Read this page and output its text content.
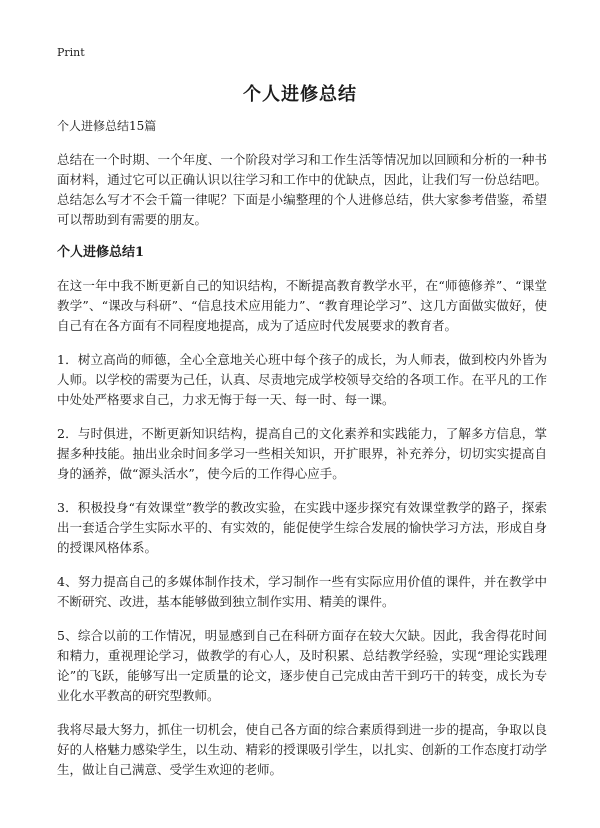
Print
个人进修总结

个人进修总结15篇

总结在一个时期、一个年度、一个阶段对学习和工作生活等情况加以回顾和分析的一种书面材料，通过它可以正确认识以往学习和工作中的优缺点，因此，让我们写一份总结吧。总结怎么写才不会千篇一律呢？下面是小编整理的个人进修总结，供大家参考借鉴，希望可以帮助到有需要的朋友。

个人进修总结1

在这一年中我不断更新自己的知识结构，不断提高教育教学水平，在“师德修养”、“课堂教学”、“课改与科研”、“信息技术应用能力”、“教育理论学习”、这几方面做实做好，使自己有在各方面有不同程度地提高，成为了适应时代发展要求的教育者。

1．树立高尚的师德，全心全意地关心班中每个孩子的成长，为人师表，做到校内外皆为人师。以学校的需要为己任，认真、尽责地完成学校领导交给的各项工作。在平凡的工作中处处严格要求自己，力求无悔于每一天、每一时、每一课。

2．与时俱进，不断更新知识结构，提高自己的文化素养和实践能力，了解多方信息，掌握多种技能。抽出业余时间多学习一些相关知识，开扩眼界，补充养分，切切实实提高自身的涵养，做“源头活水”，使今后的工作得心应手。

3．积极投身“有效课堂”教学的教改实验，在实践中逐步探究有效课堂教学的路子，探索出一套适合学生实际水平的、有实效的，能促使学生综合发展的愉快学习方法，形成自身的授课风格体系。

4、努力提高自己的多媒体制作技术，学习制作一些有实际应用价值的课件，并在教学中不断研究、改进，基本能够做到独立制作实用、精美的课件。

5、综合以前的工作情况，明显感到自己在科研方面存在较大欠缺。因此，我舍得花时间和精力，重视理论学习，做教学的有心人，及时积累、总结教学经验，实现“理论实践理论”的飞跃，能够写出一定质量的论文，逐步使自己完成由苦干到巧干的转变，成长为专业化水平教高的研究型教师。

我将尽最大努力，抓住一切机会，使自己各方面的综合素质得到进一步的提高，争取以良好的人格魅力感染学生，以生动、精彩的授课吸引学生，以扎实、创新的工作态度打动学生，做让自己满意、受学生欢迎的老师。
